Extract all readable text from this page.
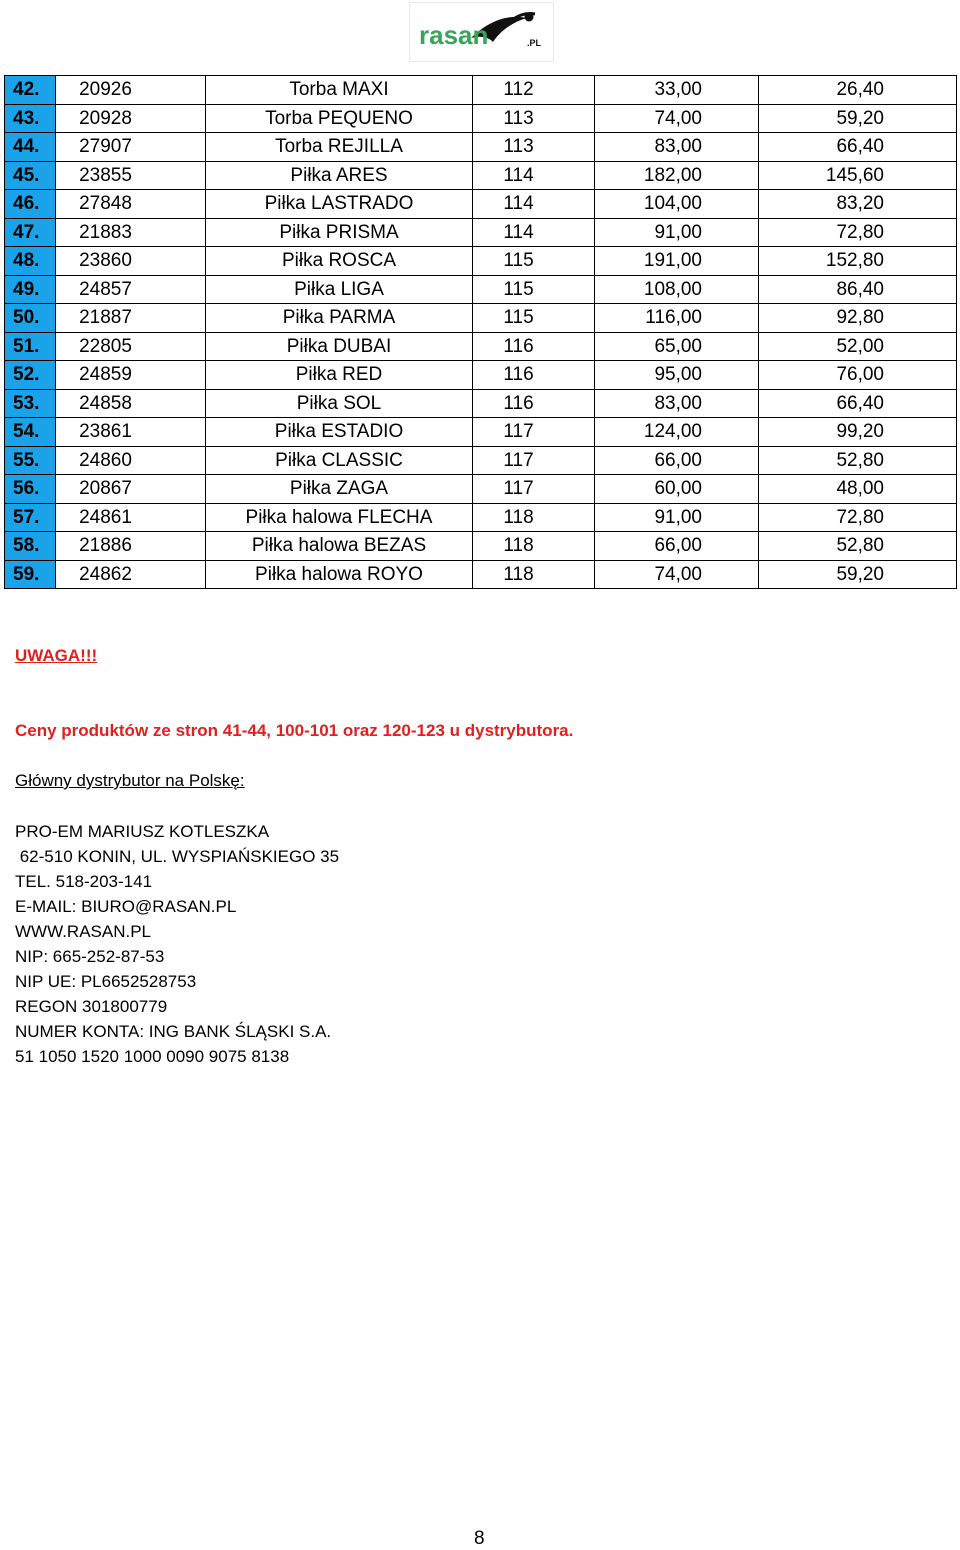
rasan	.PL
42.	20926	Torba MAXI	112	33,00	26,40
43.	20928	Torba PEQUENO	113	74,00	59,20
44.	27907	Torba REJILLA	113	83,00	66,40
45.	23855	Piłka ARES	114	182,00	145,60
46.	27848	Piłka LASTRADO	114	104,00	83,20
47.	21883	Piłka PRISMA	114	91,00	72,80
48.	23860	Piłka ROSCA	115	191,00	152,80
49.	24857	Piłka LIGA	115	108,00	86,40
50.	21887	Piłka PARMA	115	116,00	92,80
51.	22805	Piłka DUBAI	116	65,00	52,00
52.	24859	Piłka RED	116	95,00	76,00
53.	24858	Piłka SOL	116	83,00	66,40
54.	23861	Piłka ESTADIO	117	124,00	99,20
55.	24860	Piłka CLASSIC	117	66,00	52,80
56.	20867	Piłka ZAGA	117	60,00	48,00
57.	24861	Piłka halowa FLECHA	118	91,00	72,80
58.	21886	Piłka halowa BEZAS	118	66,00	52,80
59.	24862	Piłka halowa ROYO	118	74,00	59,20
UWAGA!!!
Ceny produktów ze stron 41-44, 100-101 oraz 120-123 u dystrybutora.
Główny dystrybutor na Polskę:
PRO-EM MARIUSZ KOTLESZKA
62-510 KONIN, UL. WYSPIAŃSKIEGO 35
TEL. 518-203-141
E-MAIL: BIURO@RASAN.PL
WWW.RASAN.PL
NIP: 665-252-87-53
NIP UE: PL6652528753
REGON 301800779
NUMER KONTA: ING BANK ŚLĄSKI S.A.
51 1050 1520 1000 0090 9075 8138
8
